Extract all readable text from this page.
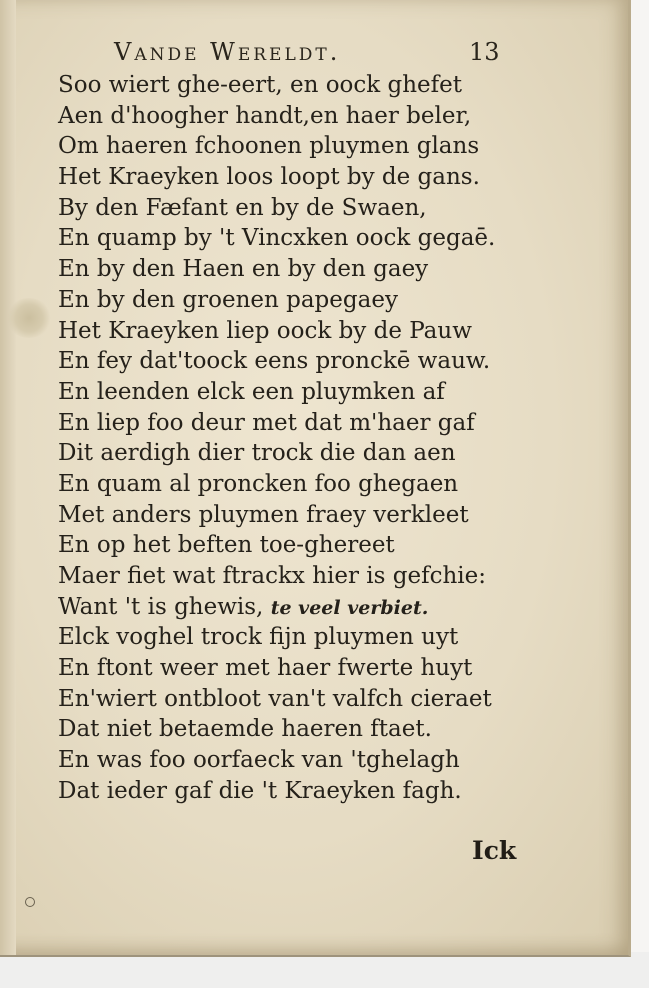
Vande Wereldt.	13
Soo wiert ghe-eert, en oock ghefet
Aen d'hoogher handt,en haer beler,
Om haeren fchoonen pluymen glans
Het Kraeyken loos loopt by de gans.
By den Fæfant en by de Swaen,
En quamp by 't Vincxken oock gegaē.
En by den Haen en by den gaey
En by den groenen papegaey
Het Kraeyken liep oock by de Pauw
En fey dat'toock eens pronckē wauw.
En leenden elck een pluymken af
En liep foo deur met dat m'haer gaf
Dit aerdigh dier trock die dan aen
En quam al proncken foo ghegaen
Met anders pluymen fraey verkleet
En op het beften toe-ghereet
Maer fiet wat ftrackx hier is gefchie:
Want 't is ghewis, te veel verbiet.
Elck voghel trock fijn pluymen uyt
En ftont weer met haer fwerte huyt
En'wiert ontbloot van't valfch cieraet
Dat niet betaemde haeren ftaet.
En was foo oorfaeck van 'tghelagh
Dat ieder gaf die 't Kraeyken fagh.
Ick
